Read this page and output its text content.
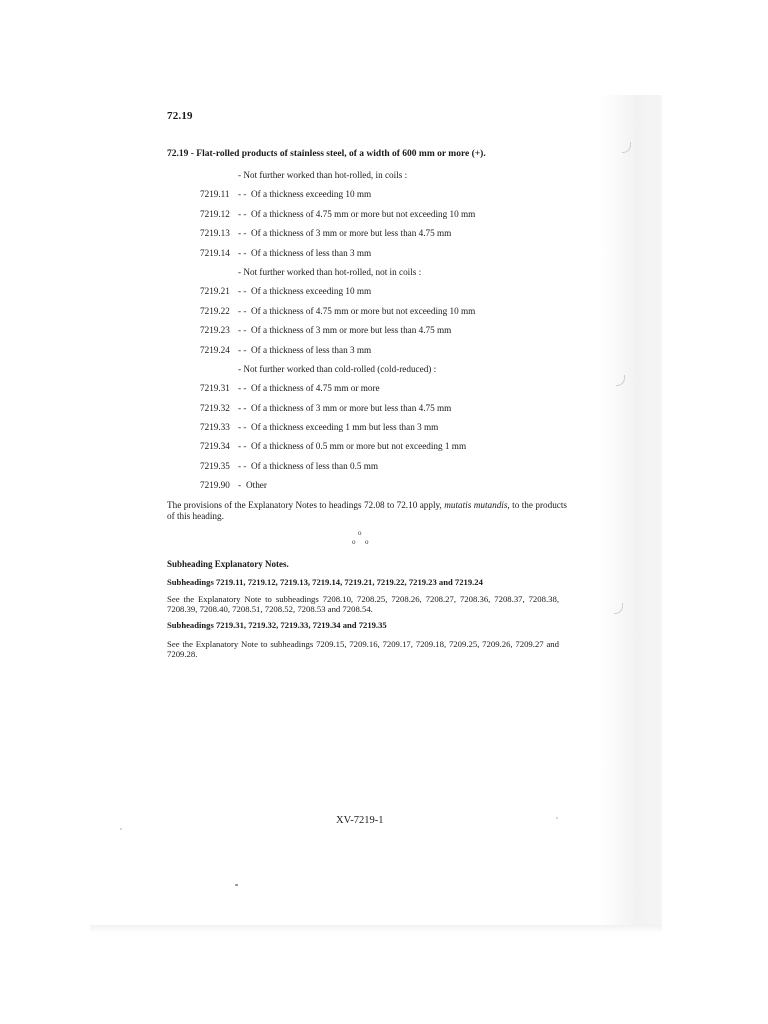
72.19
72.19 - Flat-rolled products of stainless steel, of a width of 600 mm or more (+).
- Not further worked than hot-rolled, in coils :
7219.11 - - Of a thickness exceeding 10 mm
7219.12 - - Of a thickness of 4.75 mm or more but not exceeding 10 mm
7219.13 - - Of a thickness of 3 mm or more but less than 4.75 mm
7219.14 - - Of a thickness of less than 3 mm
- Not further worked than hot-rolled, not in coils :
7219.21 - - Of a thickness exceeding 10 mm
7219.22 - - Of a thickness of 4.75 mm or more but not exceeding 10 mm
7219.23 - - Of a thickness of 3 mm or more but less than 4.75 mm
7219.24 - - Of a thickness of less than 3 mm
- Not further worked than cold-rolled (cold-reduced) :
7219.31 - - Of a thickness of 4.75 mm or more
7219.32 - - Of a thickness of 3 mm or more but less than 4.75 mm
7219.33 - - Of a thickness exceeding 1 mm but less than 3 mm
7219.34 - - Of a thickness of 0.5 mm or more but not exceeding 1 mm
7219.35 - - Of a thickness of less than 0.5 mm
7219.90 - Other
The provisions of the Explanatory Notes to headings 72.08 to 72.10 apply, mutatis mutandis, to the products of this heading.
o
o o
Subheading Explanatory Notes.
Subheadings 7219.11, 7219.12, 7219.13, 7219.14, 7219.21, 7219.22, 7219.23 and 7219.24
See the Explanatory Note to subheadings 7208.10, 7208.25, 7208.26, 7208.27, 7208.36, 7208.37, 7208.38, 7208.39, 7208.40, 7208.51, 7208.52, 7208.53 and 7208.54.
Subheadings 7219.31, 7219.32, 7219.33, 7219.34 and 7219.35
See the Explanatory Note to subheadings 7209.15, 7209.16, 7209.17, 7209.18, 7209.25, 7209.26, 7209.27 and 7209.28.
XV-7219-1
